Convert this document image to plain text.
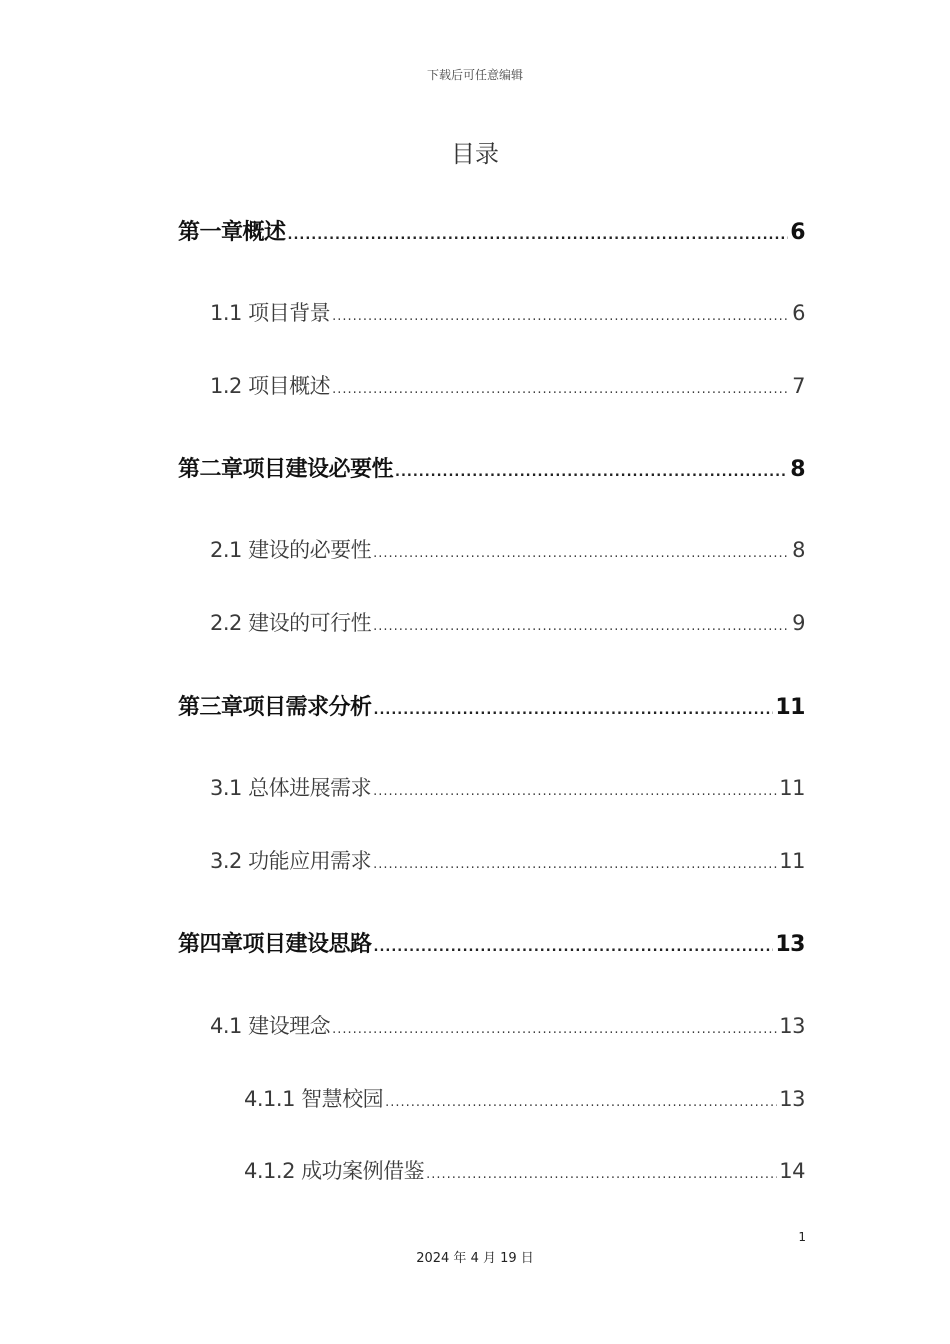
下载后可任意编辑
目录
第一章概述 .....	6
1.1 项目背景 .....	6
1.2 项目概述 .....	7
第二章项目建设必要性 .....	8
2.1 建设的必要性 .....	8
2.2 建设的可行性 .....	9
第三章项目需求分析 .....	11
3.1 总体进展需求 .....	11
3.2 功能应用需求 .....	11
第四章项目建设思路 .....	13
4.1 建设理念 .....	13
4.1.1 智慧校园 .....	13
4.1.2 成功案例借鉴 .....	14
1
2024 年 4 月 19 日
